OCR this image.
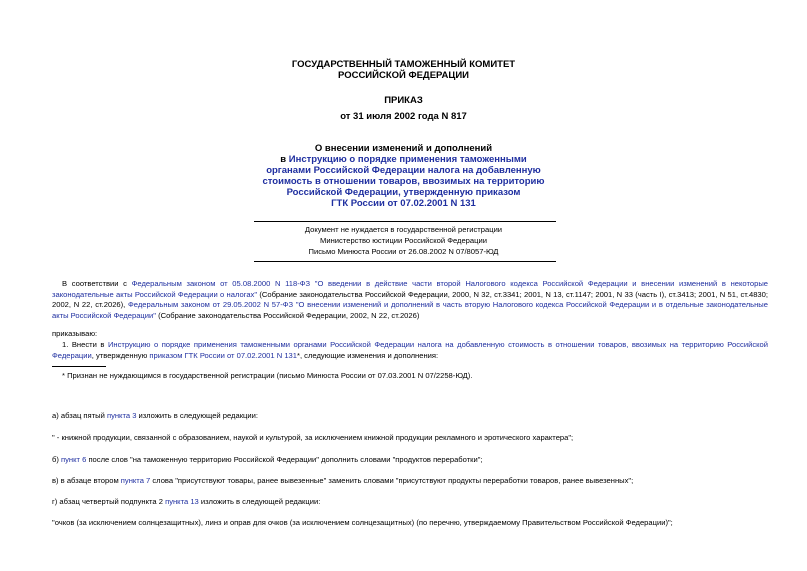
ГОСУДАРСТВЕННЫЙ ТАМОЖЕННЫЙ КОМИТЕТ
РОССИЙСКОЙ ФЕДЕРАЦИИ
ПРИКАЗ
от 31 июля 2002 года N 817
О внесении изменений и дополнений
в Инструкцию о порядке применения таможенными
органами Российской Федерации налога на добавленную
стоимость в отношении товаров, ввозимых на территорию
Российской Федерации, утвержденную приказом
ГТК России от 07.02.2001 N 131
Документ не нуждается в государственной регистрации
Министерство юстиции Российской Федерации
Письмо Минюста России от 26.08.2002 N 07/8057-ЮД
В соответствии с Федеральным законом от 05.08.2000 N 118-ФЗ "О введении в действие части второй Налогового кодекса Российской Федерации и внесении изменений в некоторые законодательные акты Российской Федерации о налогах" (Собрание законодательства Российской Федерации, 2000, N 32, ст.3341; 2001, N 13, ст.1147; 2001, N 33 (часть I), ст.3413; 2001, N 51, ст.4830; 2002, N 22, ст.2026), Федеральным законом от 29.05.2002 N 57-ФЗ "О внесении изменений и дополнений в часть вторую Налогового кодекса Российской Федерации и в отдельные законодательные акты Российской Федерации" (Собрание законодательства Российской Федерации, 2002, N 22, ст.2026)
приказываю:
1. Внести в Инструкцию о порядке применения таможенными органами Российской Федерации налога на добавленную стоимость в отношении товаров, ввозимых на территорию Российской Федерации, утвержденную приказом ГТК России от 07.02.2001 N 131*, следующие изменения и дополнения:
* Признан не нуждающимся в государственной регистрации (письмо Минюста России от 07.03.2001 N 07/2258-ЮД).
а) абзац пятый пункта 3 изложить в следующей редакции:
" - книжной продукции, связанной с образованием, наукой и культурой, за исключением книжной продукции рекламного и эротического характера";
б) пункт 6 после слов "на таможенную территорию Российской Федерации" дополнить словами "продуктов переработки";
в) в абзаце втором пункта 7 слова "присутствуют товары, ранее вывезенные" заменить словами "присутствуют продукты переработки товаров, ранее вывезенных";
г) абзац четвертый подпункта 2 пункта 13 изложить в следующей редакции:
"очков (за исключением солнцезащитных), линз и оправ для очков (за исключением солнцезащитных) (по перечню, утверждаемому Правительством Российской Федерации)";
